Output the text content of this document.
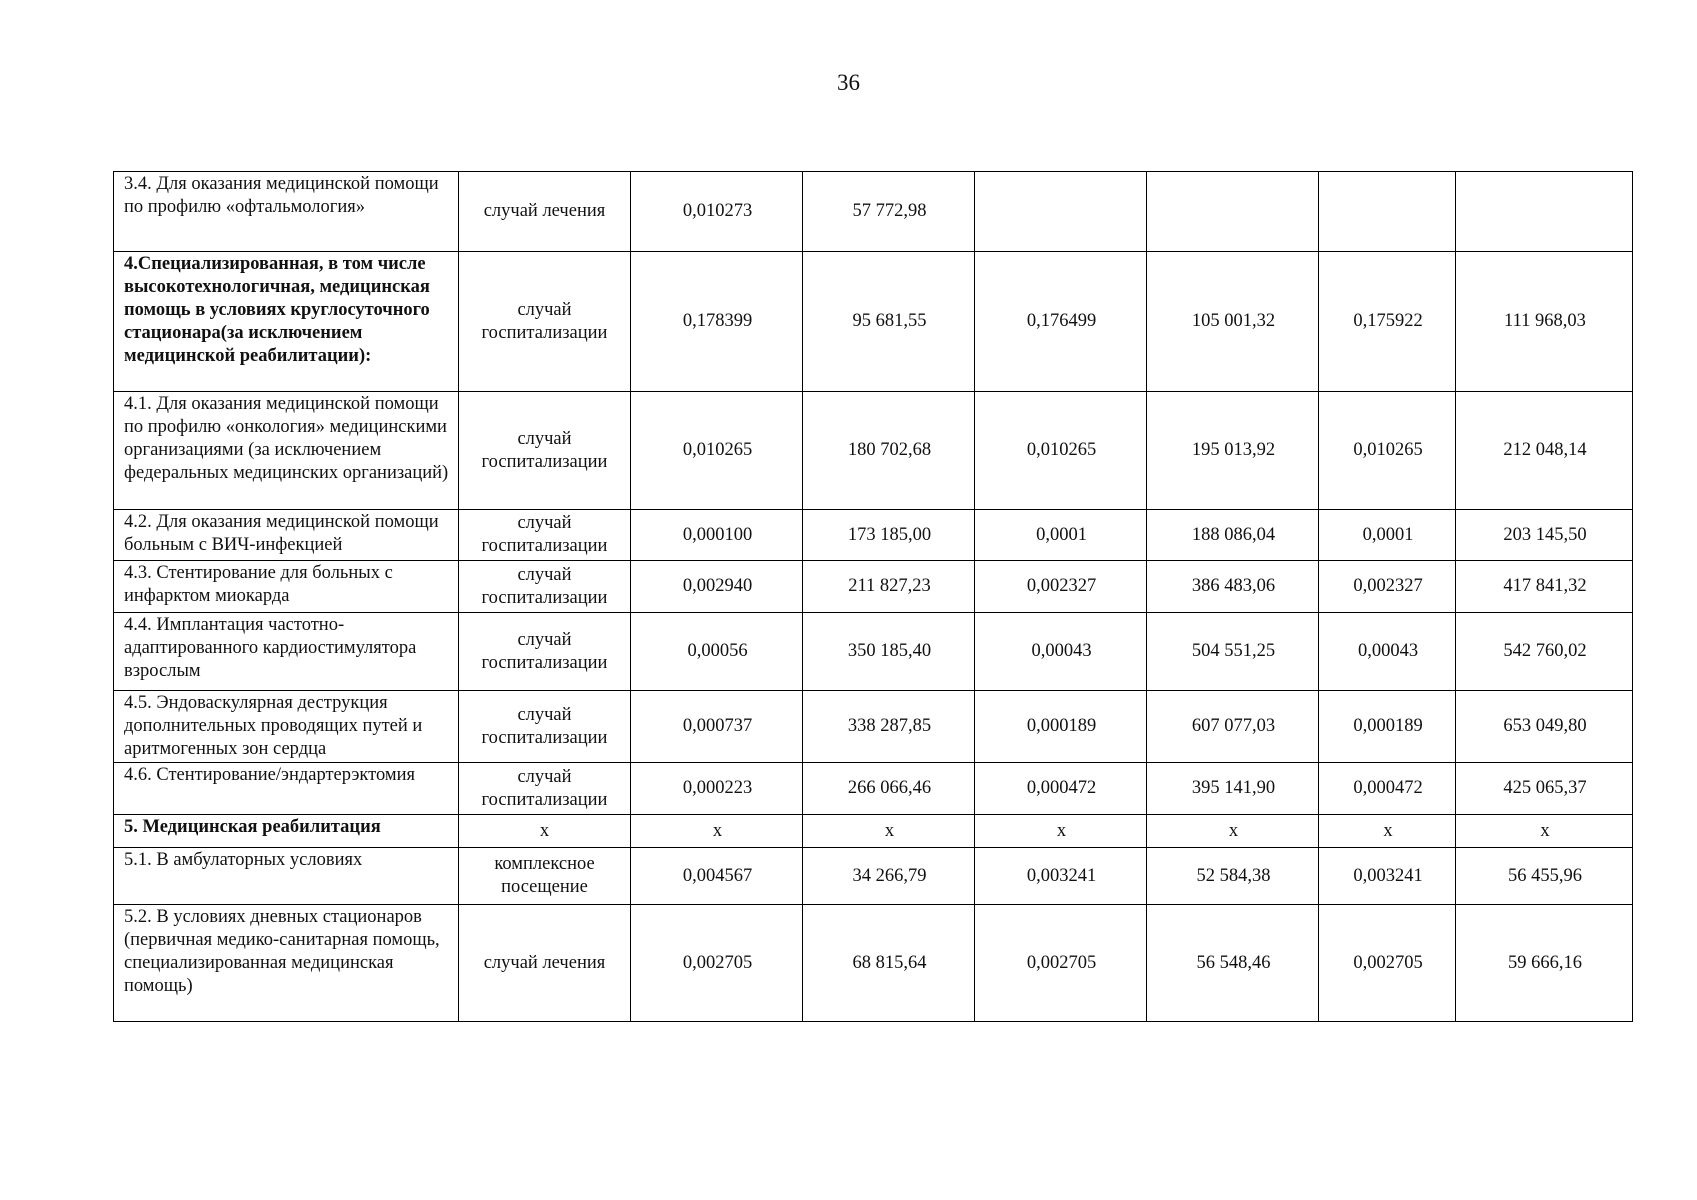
36
3.4. Для оказания медицинской помощи по профилю «офтальмология»	случай лечения	0,010273	57 772,98				
4.Специализированная, в том числе высокотехнологичная, медицинская помощь в условиях круглосуточного стационара(за исключением медицинской реабилитации):	случай госпитализации	0,178399	95 681,55	0,176499	105 001,32	0,175922	111 968,03
4.1. Для оказания медицинской помощи по профилю «онкология» медицинскими организациями (за исключением федеральных медицинских организаций)	случай госпитализации	0,010265	180 702,68	0,010265	195 013,92	0,010265	212 048,14
4.2. Для оказания медицинской помощи больным с ВИЧ-инфекцией	случай госпитализации	0,000100	173 185,00	0,0001	188 086,04	0,0001	203 145,50
4.3. Стентирование для больных с инфарктом миокарда	случай госпитализации	0,002940	211 827,23	0,002327	386 483,06	0,002327	417 841,32
4.4. Имплантация частотно-адаптированного кардиостимулятора взрослым	случай госпитализации	0,00056	350 185,40	0,00043	504 551,25	0,00043	542 760,02
4.5. Эндоваскулярная деструкция дополнительных проводящих путей и аритмогенных зон сердца	случай госпитализации	0,000737	338 287,85	0,000189	607 077,03	0,000189	653 049,80
4.6. Стентирование/эндартерэктомия	случай госпитализации	0,000223	266 066,46	0,000472	395 141,90	0,000472	425 065,37
5. Медицинская реабилитация	х	х	х	х	х	х	х
5.1. В амбулаторных условиях	комплексное посещение	0,004567	34 266,79	0,003241	52 584,38	0,003241	56 455,96
5.2. В условиях дневных стационаров (первичная медико-санитарная помощь, специализированная медицинская помощь)	случай лечения	0,002705	68 815,64	0,002705	56 548,46	0,002705	59 666,16
